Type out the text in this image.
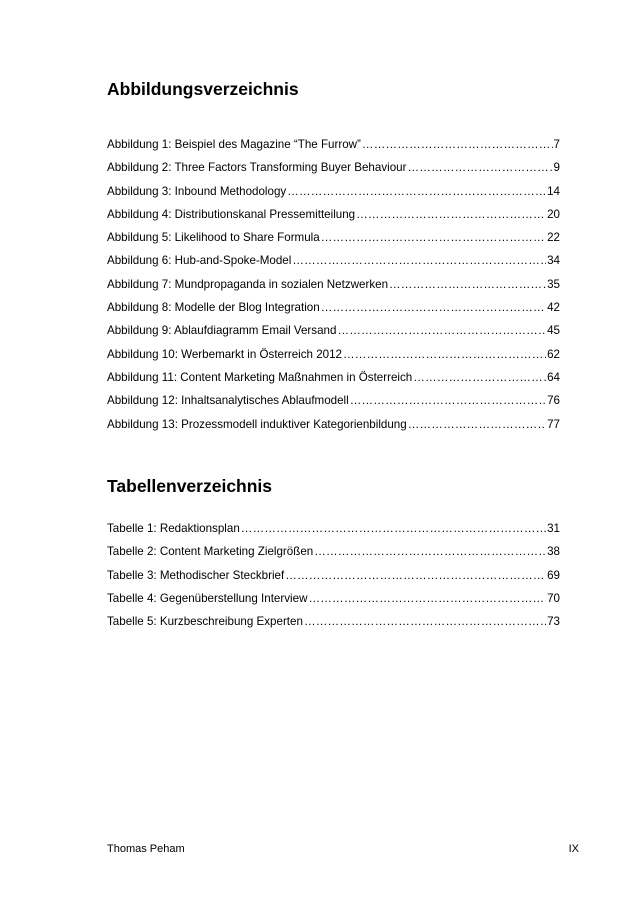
Abbildungsverzeichnis
Abbildung 1: Beispiel des Magazine “The Furrow” ………………………………………………………………………………………………………………………………………………………………………………………	7
Abbildung 2: Three Factors Transforming Buyer Behaviour ………………………………………………………………………………………………………………………………………………………………………………………	9
Abbildung 3: Inbound Methodology ………………………………………………………………………………………………………………………………………………………………………………………	14
Abbildung 4: Distributionskanal Pressemitteilung ………………………………………………………………………………………………………………………………………………………………………………………	20
Abbildung 5: Likelihood to Share Formula ………………………………………………………………………………………………………………………………………………………………………………………	22
Abbildung 6: Hub-and-Spoke-Model ………………………………………………………………………………………………………………………………………………………………………………………	34
Abbildung 7: Mundpropaganda in sozialen Netzwerken ………………………………………………………………………………………………………………………………………………………………………………………	35
Abbildung 8: Modelle der Blog Integration ………………………………………………………………………………………………………………………………………………………………………………………	42
Abbildung 9: Ablaufdiagramm Email Versand ………………………………………………………………………………………………………………………………………………………………………………………	45
Abbildung 10: Werbemarkt in Österreich 2012 ………………………………………………………………………………………………………………………………………………………………………………………	62
Abbildung 11: Content Marketing Maßnahmen in Österreich ………………………………………………………………………………………………………………………………………………………………………………………	64
Abbildung 12: Inhaltsanalytisches Ablaufmodell ………………………………………………………………………………………………………………………………………………………………………………………	76
Abbildung 13: Prozessmodell induktiver Kategorienbildung ………………………………………………………………………………………………………………………………………………………………………………………	77
Tabellenverzeichnis
Tabelle 1: Redaktionsplan ………………………………………………………………………………………………………………………………………………………………………………………	31
Tabelle 2: Content Marketing Zielgrößen ………………………………………………………………………………………………………………………………………………………………………………………	38
Tabelle 3: Methodischer Steckbrief ………………………………………………………………………………………………………………………………………………………………………………………	69
Tabelle 4: Gegenüberstellung Interview ………………………………………………………………………………………………………………………………………………………………………………………	70
Tabelle 5: Kurzbeschreibung Experten ………………………………………………………………………………………………………………………………………………………………………………………	73
Thomas Peham	IX
